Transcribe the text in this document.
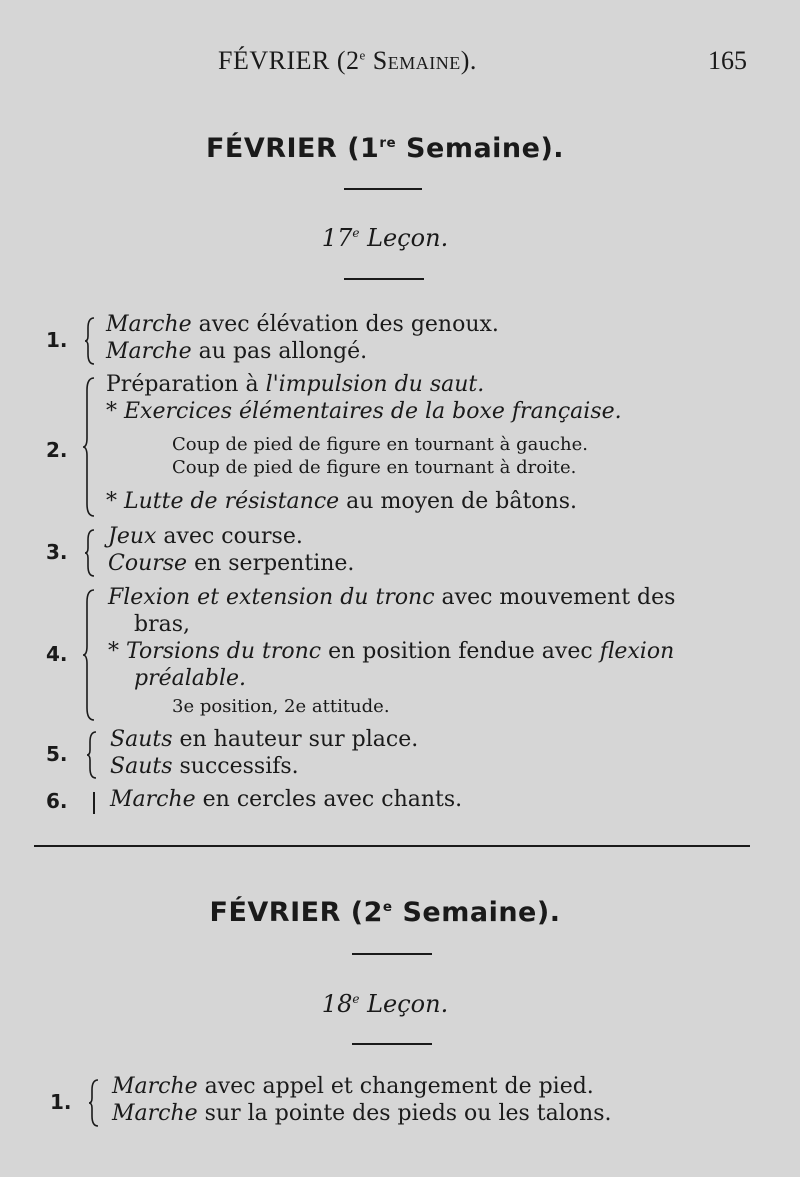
FÉVRIER (2e Semaine).	165
FÉVRIER (1re Semaine).
17e Leçon.
1.
Marche avec élévation des genoux.
Marche au pas allongé.
2.
Préparation à l'impulsion du saut.
* Exercices élémentaires de la boxe française.
Coup de pied de figure en tournant à gauche.
Coup de pied de figure en tournant à droite.
* Lutte de résistance au moyen de bâtons.
3.
Jeux avec course.
Course en serpentine.
4.
Flexion et extension du tronc avec mouvement des
bras,
* Torsions du tronc en position fendue avec flexion
préalable.
3e position, 2e attitude.
5.
Sauts en hauteur sur place.
Sauts successifs.
6. Marche en cercles avec chants.
FÉVRIER (2e Semaine).
18e Leçon.
1.
Marche avec appel et changement de pied.
Marche sur la pointe des pieds ou les talons.
